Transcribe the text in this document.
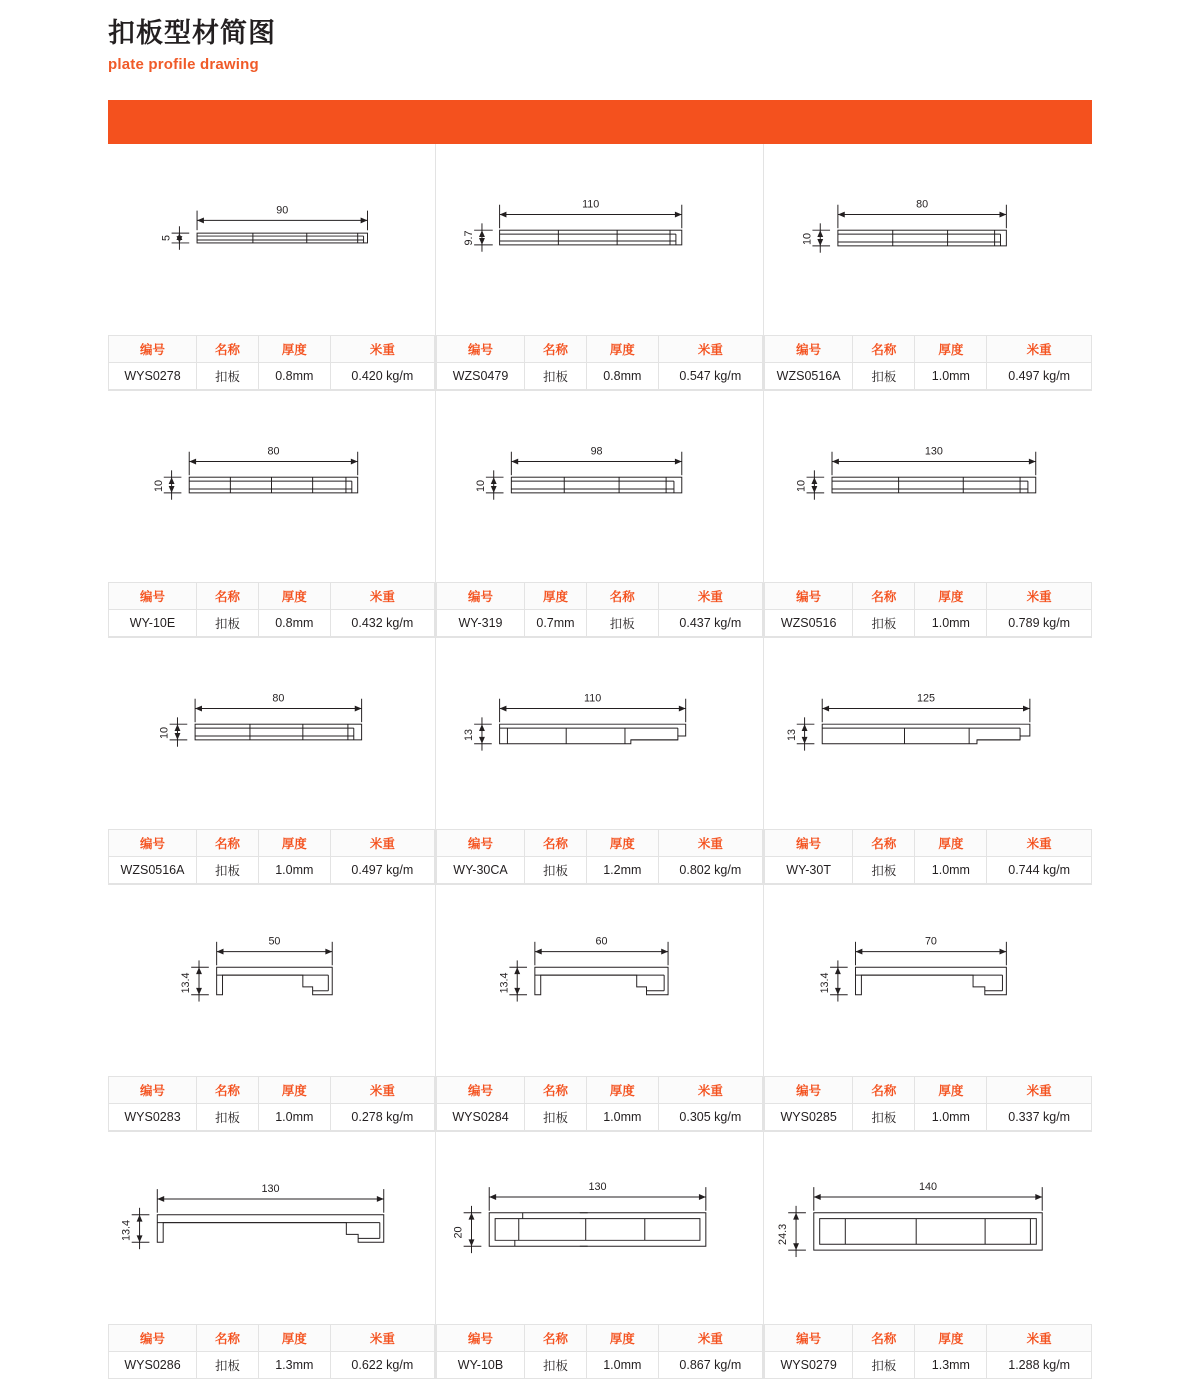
扣板型材简图
plate profile drawing
90
5
编号	名称	厚度	米重
WYS0278	扣板	0.8mm	0.420 kg/m
110
9.7
编号	名称	厚度	米重
WZS0479	扣板	0.8mm	0.547 kg/m
80
10
编号	名称	厚度	米重
WZS0516A	扣板	1.0mm	0.497 kg/m
80
10
编号	名称	厚度	米重
WY-10E	扣板	0.8mm	0.432 kg/m
98
10
编号	厚度	名称	米重
WY-319	0.7mm	扣板	0.437 kg/m
130
10
编号	名称	厚度	米重
WZS0516	扣板	1.0mm	0.789 kg/m
80
10
编号	名称	厚度	米重
WZS0516A	扣板	1.0mm	0.497 kg/m
110
13
编号	名称	厚度	米重
WY-30CA	扣板	1.2mm	0.802 kg/m
125
13
编号	名称	厚度	米重
WY-30T	扣板	1.0mm	0.744 kg/m
50
13.4
编号	名称	厚度	米重
WYS0283	扣板	1.0mm	0.278 kg/m
60
13.4
编号	名称	厚度	米重
WYS0284	扣板	1.0mm	0.305 kg/m
70
13.4
编号	名称	厚度	米重
WYS0285	扣板	1.0mm	0.337 kg/m
130
13.4
编号	名称	厚度	米重
WYS0286	扣板	1.3mm	0.622 kg/m
130
20
编号	名称	厚度	米重
WY-10B	扣板	1.0mm	0.867 kg/m
140
24.3
编号	名称	厚度	米重
WYS0279	扣板	1.3mm	1.288 kg/m
